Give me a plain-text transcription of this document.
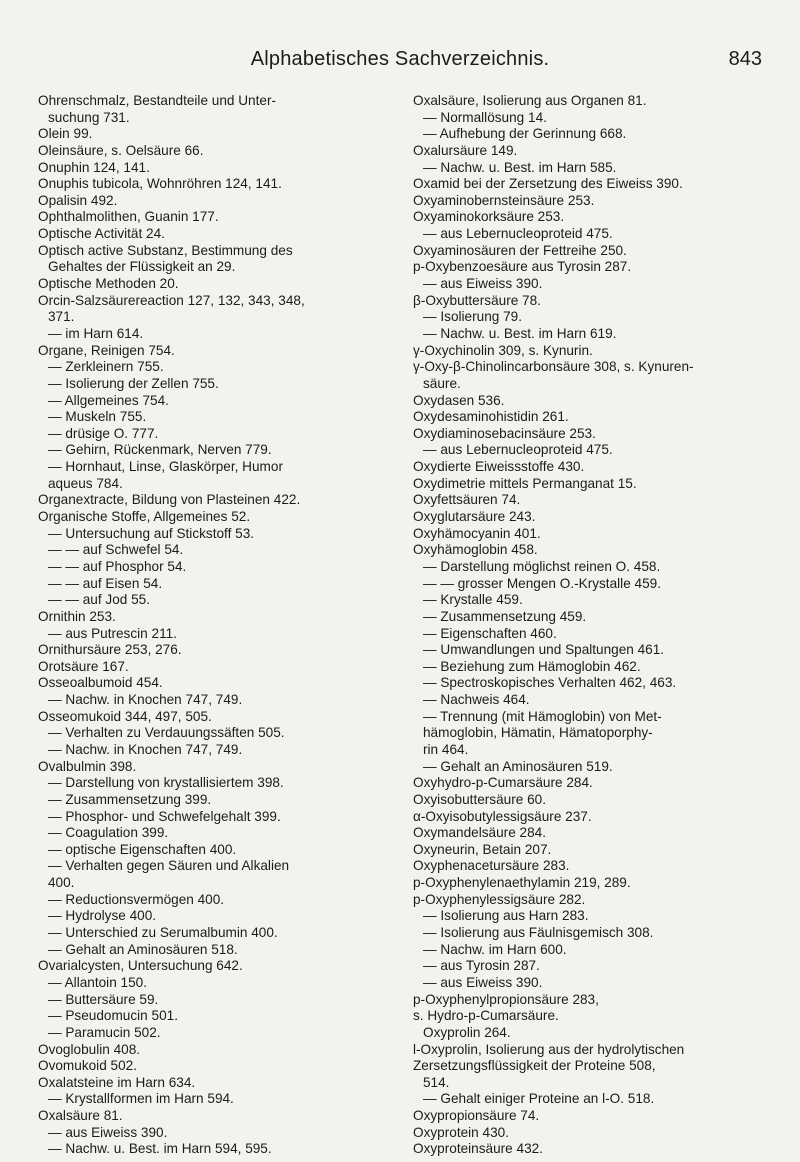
Alphabetisches Sachverzeichnis.	843
Ohrenschmalz, Bestandteile und Unter-
suchung 731.
Olein 99.
Oleinsäure, s. Oelsäure 66.
Onuphin 124, 141.
Onuphis tubicola, Wohnröhren 124, 141.
Opalisin 492.
Ophthalmolithen, Guanin 177.
Optische Activität 24.
Optisch active Substanz, Bestimmung des
Gehaltes der Flüssigkeit an 29.
Optische Methoden 20.
Orcin-Salzsäurereaction 127, 132, 343, 348,
371.
— im Harn 614.
Organe, Reinigen 754.
— Zerkleinern 755.
— Isolierung der Zellen 755.
— Allgemeines 754.
— Muskeln 755.
— drüsige O. 777.
— Gehirn, Rückenmark, Nerven 779.
— Hornhaut, Linse, Glaskörper, Humor
aqueus 784.
Organextracte, Bildung von Plasteinen 422.
Organische Stoffe, Allgemeines 52.
— Untersuchung auf Stickstoff 53.
— — auf Schwefel 54.
— — auf Phosphor 54.
— — auf Eisen 54.
— — auf Jod 55.
Ornithin 253.
— aus Putrescin 211.
Ornithursäure 253, 276.
Orotsäure 167.
Osseoalbumoid 454.
— Nachw. in Knochen 747, 749.
Osseomukoid 344, 497, 505.
— Verhalten zu Verdauungssäften 505.
— Nachw. in Knochen 747, 749.
Ovalbulmin 398.
— Darstellung von krystallisiertem 398.
— Zusammensetzung 399.
— Phosphor- und Schwefelgehalt 399.
— Coagulation 399.
— optische Eigenschaften 400.
— Verhalten gegen Säuren und Alkalien
400.
— Reductionsvermögen 400.
— Hydrolyse 400.
— Unterschied zu Serumalbumin 400.
— Gehalt an Aminosäuren 518.
Ovarialcysten, Untersuchung 642.
— Allantoin 150.
— Buttersäure 59.
— Pseudomucin 501.
— Paramucin 502.
Ovoglobulin 408.
Ovomukoid 502.
Oxalatsteine im Harn 634.
— Krystallformen im Harn 594.
Oxalsäure 81.
— aus Eiweiss 390.
— Nachw. u. Best. im Harn 594, 595.
Oxalsäure, Isolierung aus Organen 81.
— Normallösung 14.
— Aufhebung der Gerinnung 668.
Oxalursäure 149.
— Nachw. u. Best. im Harn 585.
Oxamid bei der Zersetzung des Eiweiss 390.
Oxyaminobernsteinsäure 253.
Oxyaminokorksäure 253.
— aus Lebernucleoproteid 475.
Oxyaminosäuren der Fettreihe 250.
p-Oxybenzoesäure aus Tyrosin 287.
— aus Eiweiss 390.
β-Oxybuttersäure 78.
— Isolierung 79.
— Nachw. u. Best. im Harn 619.
γ-Oxychinolin 309, s. Kynurin.
γ-Oxy-β-Chinolincarbonsäure 308, s. Kynuren-
säure.
Oxydasen 536.
Oxydesaminohistidin 261.
Oxydiaminosebacinsäure 253.
— aus Lebernucleoproteid 475.
Oxydierte Eiweissstoffe 430.
Oxydimetrie mittels Permanganat 15.
Oxyfettsäuren 74.
Oxyglutarsäure 243.
Oxyhämocyanin 401.
Oxyhämoglobin 458.
— Darstellung möglichst reinen O. 458.
— — grosser Mengen O.-Krystalle 459.
— Krystalle 459.
— Zusammensetzung 459.
— Eigenschaften 460.
— Umwandlungen und Spaltungen 461.
— Beziehung zum Hämoglobin 462.
— Spectroskopisches Verhalten 462, 463.
— Nachweis 464.
— Trennung (mit Hämoglobin) von Met-
hämoglobin, Hämatin, Hämatoporphy-
rin 464.
— Gehalt an Aminosäuren 519.
Oxyhydro-p-Cumarsäure 284.
Oxyisobuttersäure 60.
α-Oxyisobutylessigsäure 237.
Oxymandelsäure 284.
Oxyneurin, Betain 207.
Oxyphenacetursäure 283.
p-Oxyphenylenaethylamin 219, 289.
p-Oxyphenylessigsäure 282.
— Isolierung aus Harn 283.
— Isolierung aus Fäulnisgemisch 308.
— Nachw. im Harn 600.
— aus Tyrosin 287.
— aus Eiweiss 390.
p-Oxyphenylpropionsäure 283,
s. Hydro-p-Cumarsäure.
Oxyprolin 264.
l-Oxyprolin, Isolierung aus der hydrolytischen
Zersetzungsflüssigkeit der Proteine 508,
514.
— Gehalt einiger Proteine an l-O. 518.
Oxypropionsäure 74.
Oxyprotein 430.
Oxyproteinsäure 432.
